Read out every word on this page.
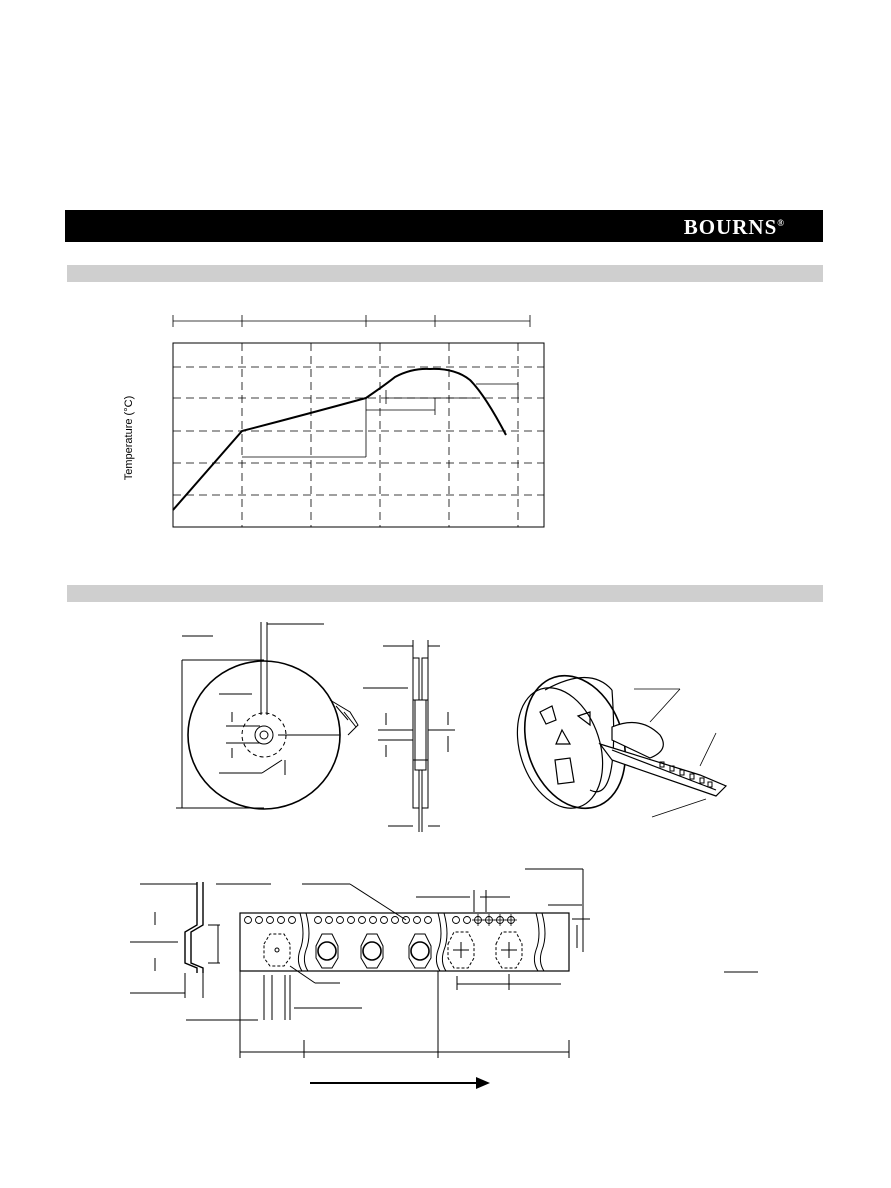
BOURNS®
Temperature (°C)
